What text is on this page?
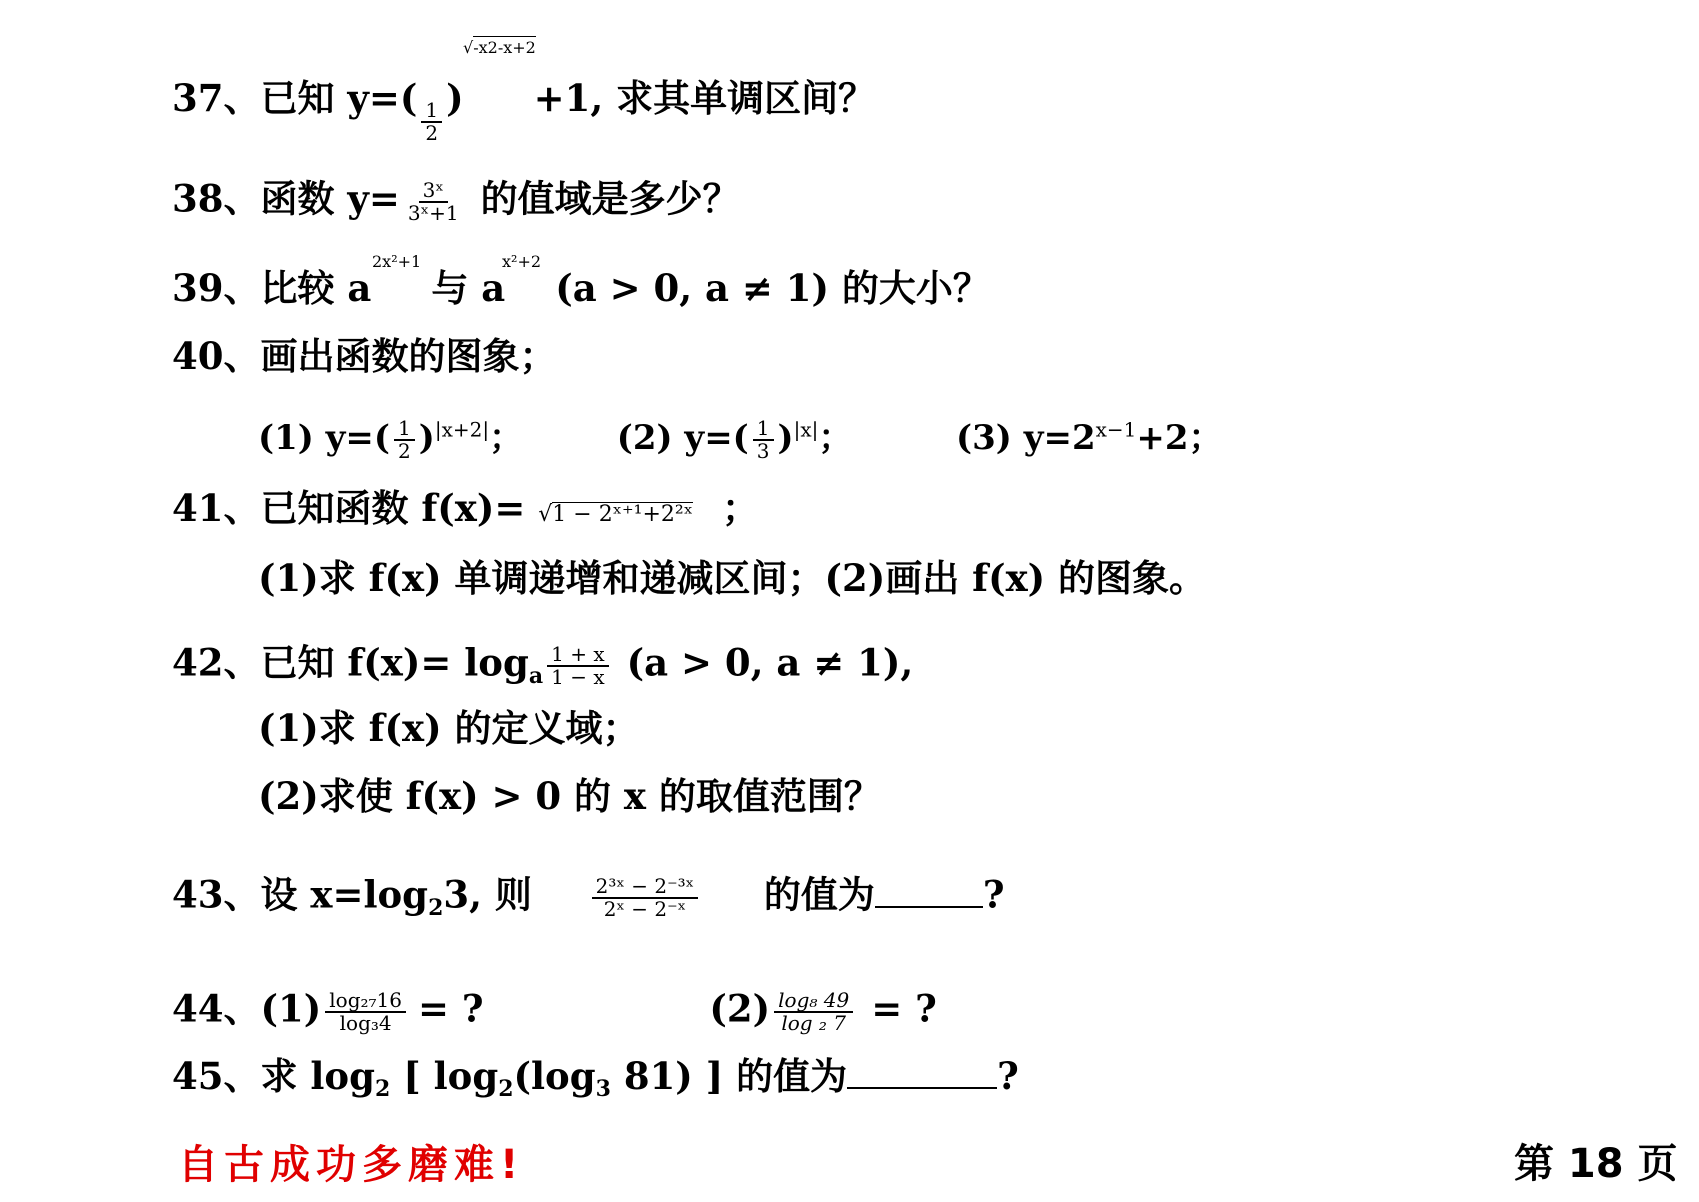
37、已知 y=(
$\frac{1}{2}$
) +1, 求其单调区间？
√-x2-x+2
38、函数 $y= \frac{\text{3ˣ}}{\text{3ˣ+1}}$ 的值域是多少？
39、比较 a 与 a (a > 0, a ≠ 1) 的大小？
2x²+1	x²+2
40、画出函数的图象；
(1) $y=( \frac{1}{2} )^{|x+2|}$；	(2) $y=( \frac{1}{3} )^{|x|}$；	(3) $y=2^{x-1}+2$；
41、已知函数 f(x)= √1 − 2ˣ⁺¹+2²ˣ ；
(1)求 f(x) 单调递增和递减区间；(2)画出 f(x) 的图象。
42、已知 f(x)= loga $\frac{1 + x}{1 - x} (a > 0$, a ≠ 1),
(1)求 f(x) 的定义域；
(2)求使 f(x) > 0 的 x 的取值范围？
43、设 x=log23, 则	$\frac{\text{2³ˣ − 2⁻³ˣ}}{\text{2ˣ − 2⁻ˣ}}$ 的值为	?
44、$(1) \frac{\text{log₂₇16}}{\text{log₃4}}$ = ?	$(2) \frac{\text{log₈ 49}}{\text{log ₂ 7}}$ = ?
45、求 log2 [ log2(log3 81) ] 的值为	?
自古成功多磨难!	第 18 页
